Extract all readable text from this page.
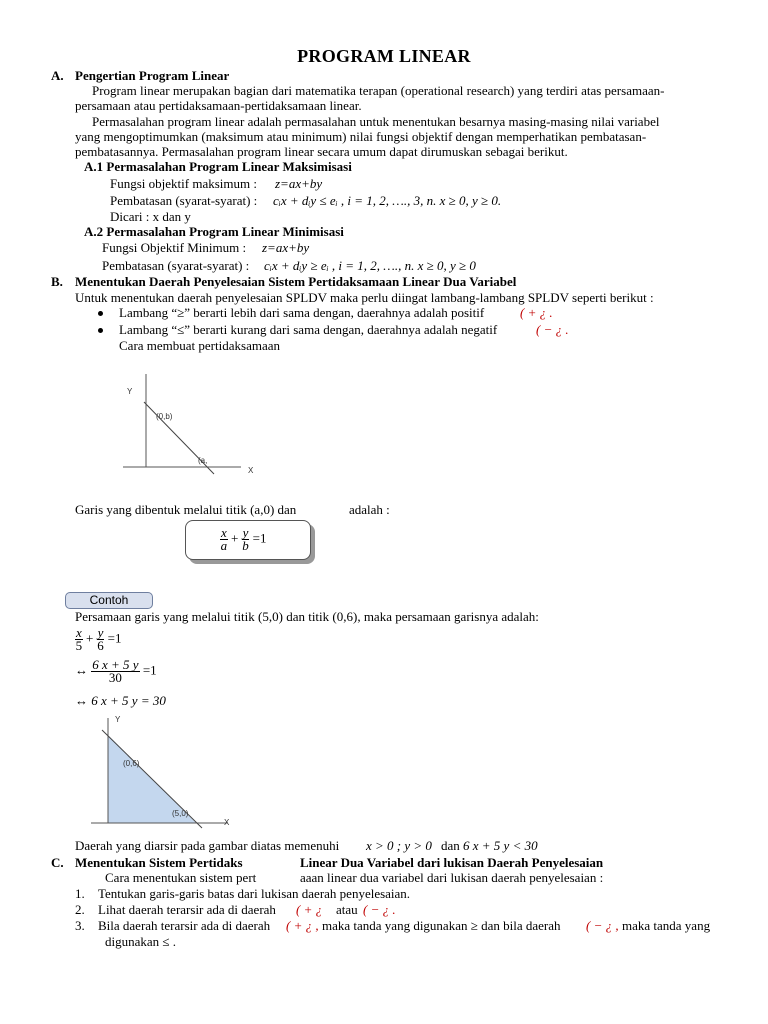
PROGRAM LINEAR
A. Pengertian Program Linear
Program linear merupakan bagian dari matematika terapan (operational research) yang terdiri atas persamaan-
persamaan atau pertidaksamaan-pertidaksamaan linear.
Permasalahan program linear adalah permasalahan untuk menentukan besarnya masing-masing nilai variabel
yang mengoptimumkan (maksimum atau minimum) nilai fungsi objektif dengan memperhatikan pembatasan-
pembatasannya. Permasalahan program linear secara umum dapat dirumuskan sebagai berikut.
A.1 Permasalahan Program Linear Maksimisasi
Fungsi objektif maksimum : z=ax+by
Pembatasan (syarat-syarat) : cᵢx + dᵢy ≤ eᵢ , i = 1, 2, …., 3, n. x ≥ 0, y ≥ 0.
Dicari : x dan y
A.2 Permasalahan Program Linear Minimisasi
Fungsi Objektif Minimum : z=ax+by
Pembatasan (syarat-syarat) : cᵢx + dᵢy ≥ eᵢ , i = 1, 2, …., n. x ≥ 0, y ≥ 0
B. Menentukan Daerah Penyelesaian Sistem Pertidaksamaan Linear Dua Variabel
Untuk menentukan daerah penyelesaian SPLDV maka perlu diingat lambang-lambang SPLDV seperti berikut :
Lambang “≥” berarti lebih dari sama dengan, daerahnya adalah positif	( + ¿ .
Lambang “≤” berarti kurang dari sama dengan, daerahnya adalah negatif	( − ¿ .
Cara membuat pertidaksamaan
Y
X
(0,b)
(a,
Garis yang dibentuk melalui titik (a,0) dan	adalah :
$\frac{x}{a} + \frac{y}{b} =1$
Contoh
Persamaan garis yang melalui titik (5,0) dan titik (0,6), maka persamaan garisnya adalah:
$\frac{x}{5} + \frac{y}{6} =1$
↔ $\frac{6 x + 5 y}{30} =1$
↔ 6 x + 5 y = 30
Y
X
(0,6)
(5,0)
Daerah yang diarsir pada gambar diatas memenuhi x > 0 ; y > 0 dan 6 x + 5 y < 30
C. Menentukan Sistem Pertidaks	Linear Dua Variabel dari lukisan Daerah Penyelesaian
Cara menentukan sistem pert	aaan linear dua variabel dari lukisan daerah penyelesaian :
1. Tentukan garis-garis batas dari lukisan daerah penyelesaian.
2. Lihat daerah terarsir ada di daerah ( + ¿ atau ( − ¿ .
3. Bila daerah terarsir ada di daerah ( + ¿ , maka tanda yang digunakan ≥ dan bila daerah ( − ¿ , maka tanda yang
digunakan ≤ .
